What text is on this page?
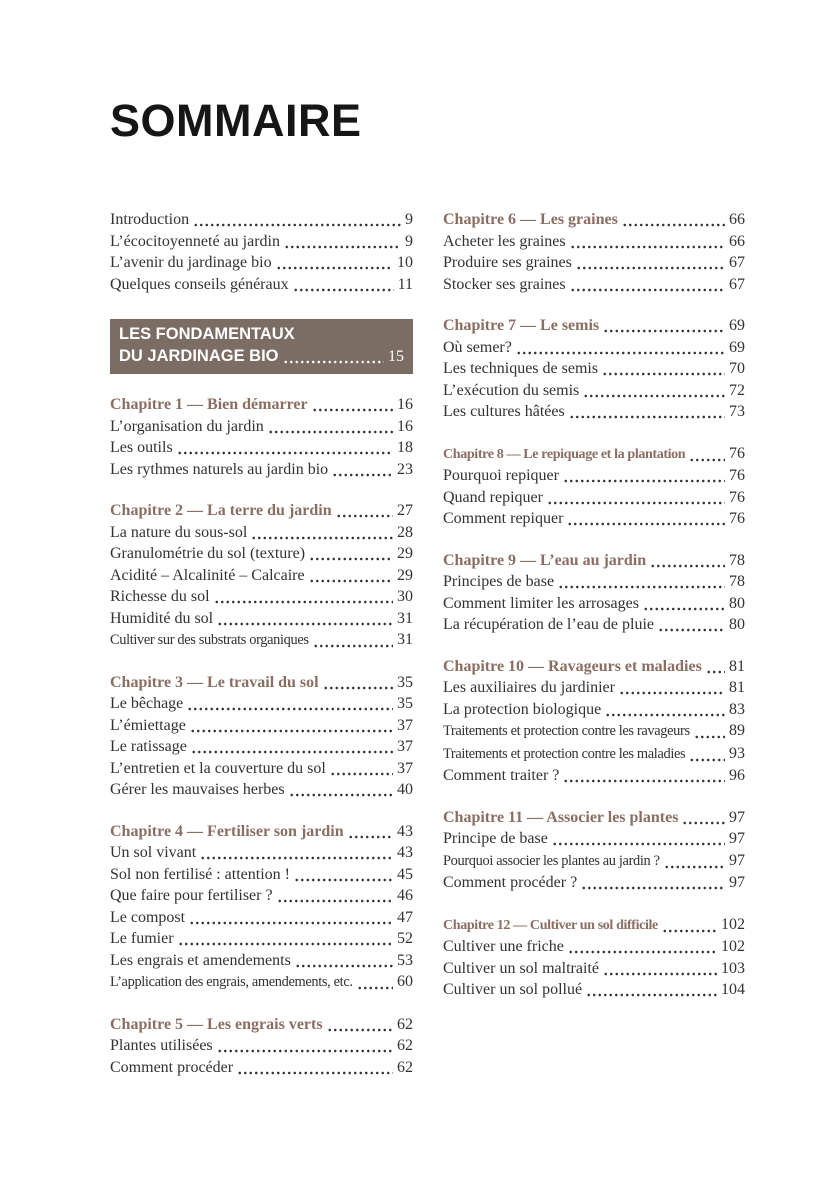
SOMMAIRE
Introduction	9
L’écocitoyenneté au jardin	9
L’avenir du jardinage bio	10
Quelques conseils généraux	11
LES FONDAMENTAUX
DU JARDINAGE BIO	15
Chapitre 1 — Bien démarrer	16
L’organisation du jardin	16
Les outils	18
Les rythmes naturels au jardin bio	23
Chapitre 2 — La terre du jardin	27
La nature du sous-sol	28
Granulométrie du sol (texture)	29
Acidité – Alcalinité – Calcaire	29
Richesse du sol	30
Humidité du sol	31
Cultiver sur des substrats organiques	31
Chapitre 3 — Le travail du sol	35
Le bêchage	35
L’émiettage	37
Le ratissage	37
L’entretien et la couverture du sol	37
Gérer les mauvaises herbes	40
Chapitre 4 — Fertiliser son jardin	43
Un sol vivant	43
Sol non fertilisé : attention !	45
Que faire pour fertiliser ?	46
Le compost	47
Le fumier	52
Les engrais et amendements	53
L’application des engrais, amendements, etc.	60
Chapitre 5 — Les engrais verts	62
Plantes utilisées	62
Comment procéder	62
Chapitre 6 — Les graines	66
Acheter les graines	66
Produire ses graines	67
Stocker ses graines	67
Chapitre 7 — Le semis	69
Où semer?	69
Les techniques de semis	70
L’exécution du semis	72
Les cultures hâtées	73
Chapitre 8 — Le repiquage et la plantation	76
Pourquoi repiquer	76
Quand repiquer	76
Comment repiquer	76
Chapitre 9 — L’eau au jardin	78
Principes de base	78
Comment limiter les arrosages	80
La récupération de l’eau de pluie	80
Chapitre 10 — Ravageurs et maladies 81
Les auxiliaires du jardinier	81
La protection biologique	83
Traitements et protection contre les ravageurs 89
Traitements et protection contre les maladies	93
Comment traiter ?	96
Chapitre 11 — Associer les plantes	97
Principe de base	97
Pourquoi associer les plantes au jardin ?	97
Comment procéder ?	97
Chapitre 12 — Cultiver un sol difficile	102
Cultiver une friche	102
Cultiver un sol maltraité	103
Cultiver un sol pollué	104
